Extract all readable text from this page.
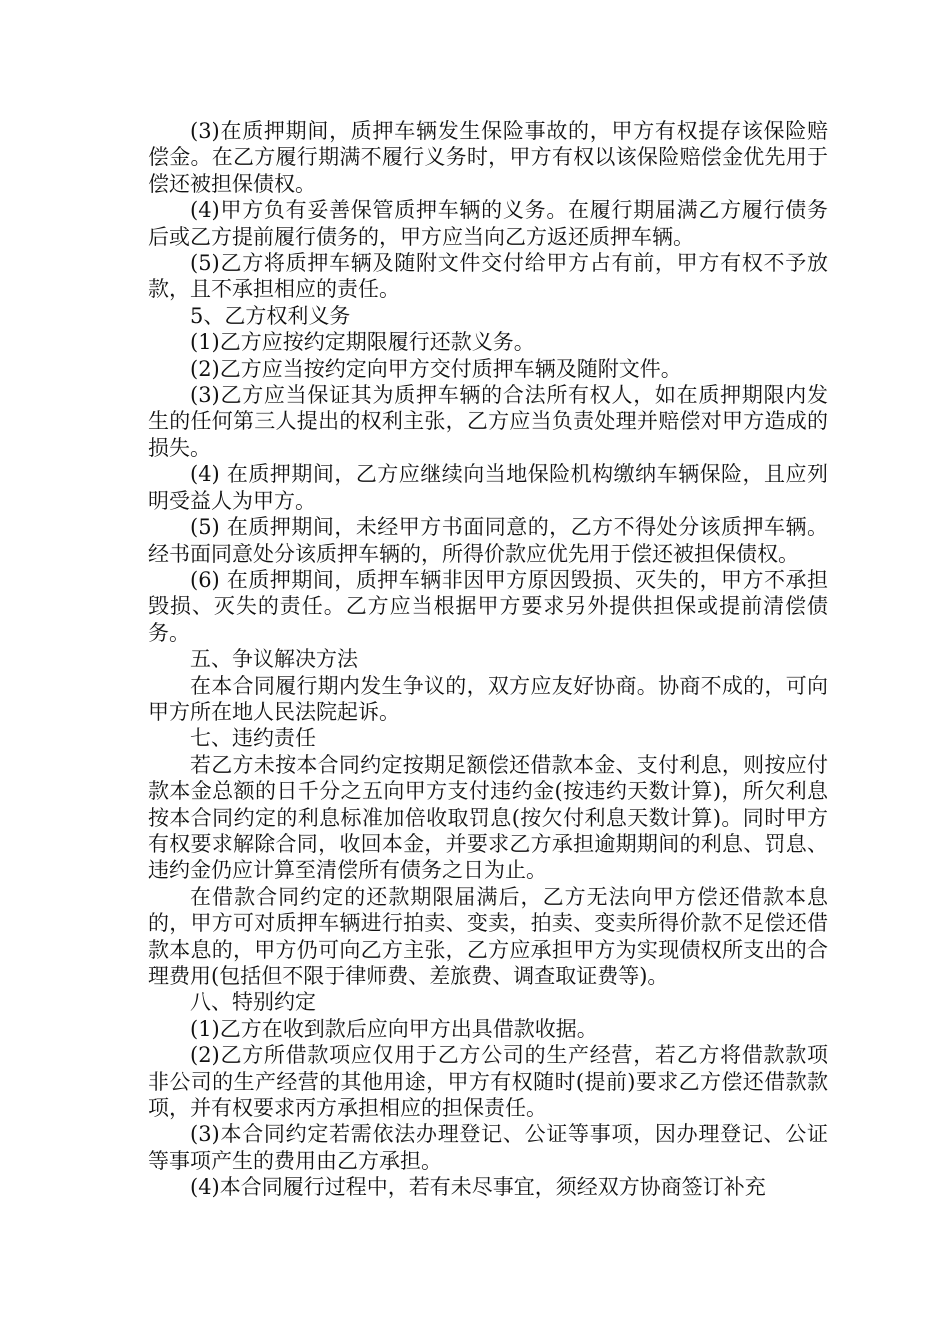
(3)在质押期间，质押车辆发生保险事故的，甲方有权提存该保险赔偿金。在乙方履行期满不履行义务时，甲方有权以该保险赔偿金优先用于偿还被担保债权。

(4)甲方负有妥善保管质押车辆的义务。在履行期届满乙方履行债务后或乙方提前履行债务的，甲方应当向乙方返还质押车辆。

(5)乙方将质押车辆及随附文件交付给甲方占有前，甲方有权不予放款，且不承担相应的责任。

5、乙方权利义务

(1)乙方应按约定期限履行还款义务。

(2)乙方应当按约定向甲方交付质押车辆及随附文件。

(3)乙方应当保证其为质押车辆的合法所有权人，如在质押期限内发生的任何第三人提出的权利主张，乙方应当负责处理并赔偿对甲方造成的损失。

(4) 在质押期间，乙方应继续向当地保险机构缴纳车辆保险，且应列明受益人为甲方。

(5) 在质押期间，未经甲方书面同意的，乙方不得处分该质押车辆。经书面同意处分该质押车辆的，所得价款应优先用于偿还被担保债权。

(6) 在质押期间，质押车辆非因甲方原因毁损、灭失的，甲方不承担毁损、灭失的责任。乙方应当根据甲方要求另外提供担保或提前清偿债务。

五、争议解决方法

在本合同履行期内发生争议的，双方应友好协商。协商不成的，可向甲方所在地人民法院起诉。

七、违约责任

若乙方未按本合同约定按期足额偿还借款本金、支付利息，则按应付款本金总额的日千分之五向甲方支付违约金(按违约天数计算)，所欠利息按本合同约定的利息标准加倍收取罚息(按欠付利息天数计算)。同时甲方有权要求解除合同，收回本金，并要求乙方承担逾期期间的利息、罚息、违约金仍应计算至清偿所有债务之日为止。

在借款合同约定的还款期限届满后，乙方无法向甲方偿还借款本息的，甲方可对质押车辆进行拍卖、变卖，拍卖、变卖所得价款不足偿还借款本息的，甲方仍可向乙方主张，乙方应承担甲方为实现债权所支出的合理费用(包括但不限于律师费、差旅费、调查取证费等)。

八、特别约定

(1)乙方在收到款后应向甲方出具借款收据。

(2)乙方所借款项应仅用于乙方公司的生产经营，若乙方将借款款项非公司的生产经营的其他用途，甲方有权随时(提前)要求乙方偿还借款款项，并有权要求丙方承担相应的担保责任。

(3)本合同约定若需依法办理登记、公证等事项，因办理登记、公证等事项产生的费用由乙方承担。

(4)本合同履行过程中，若有未尽事宜，须经双方协商签订补充
